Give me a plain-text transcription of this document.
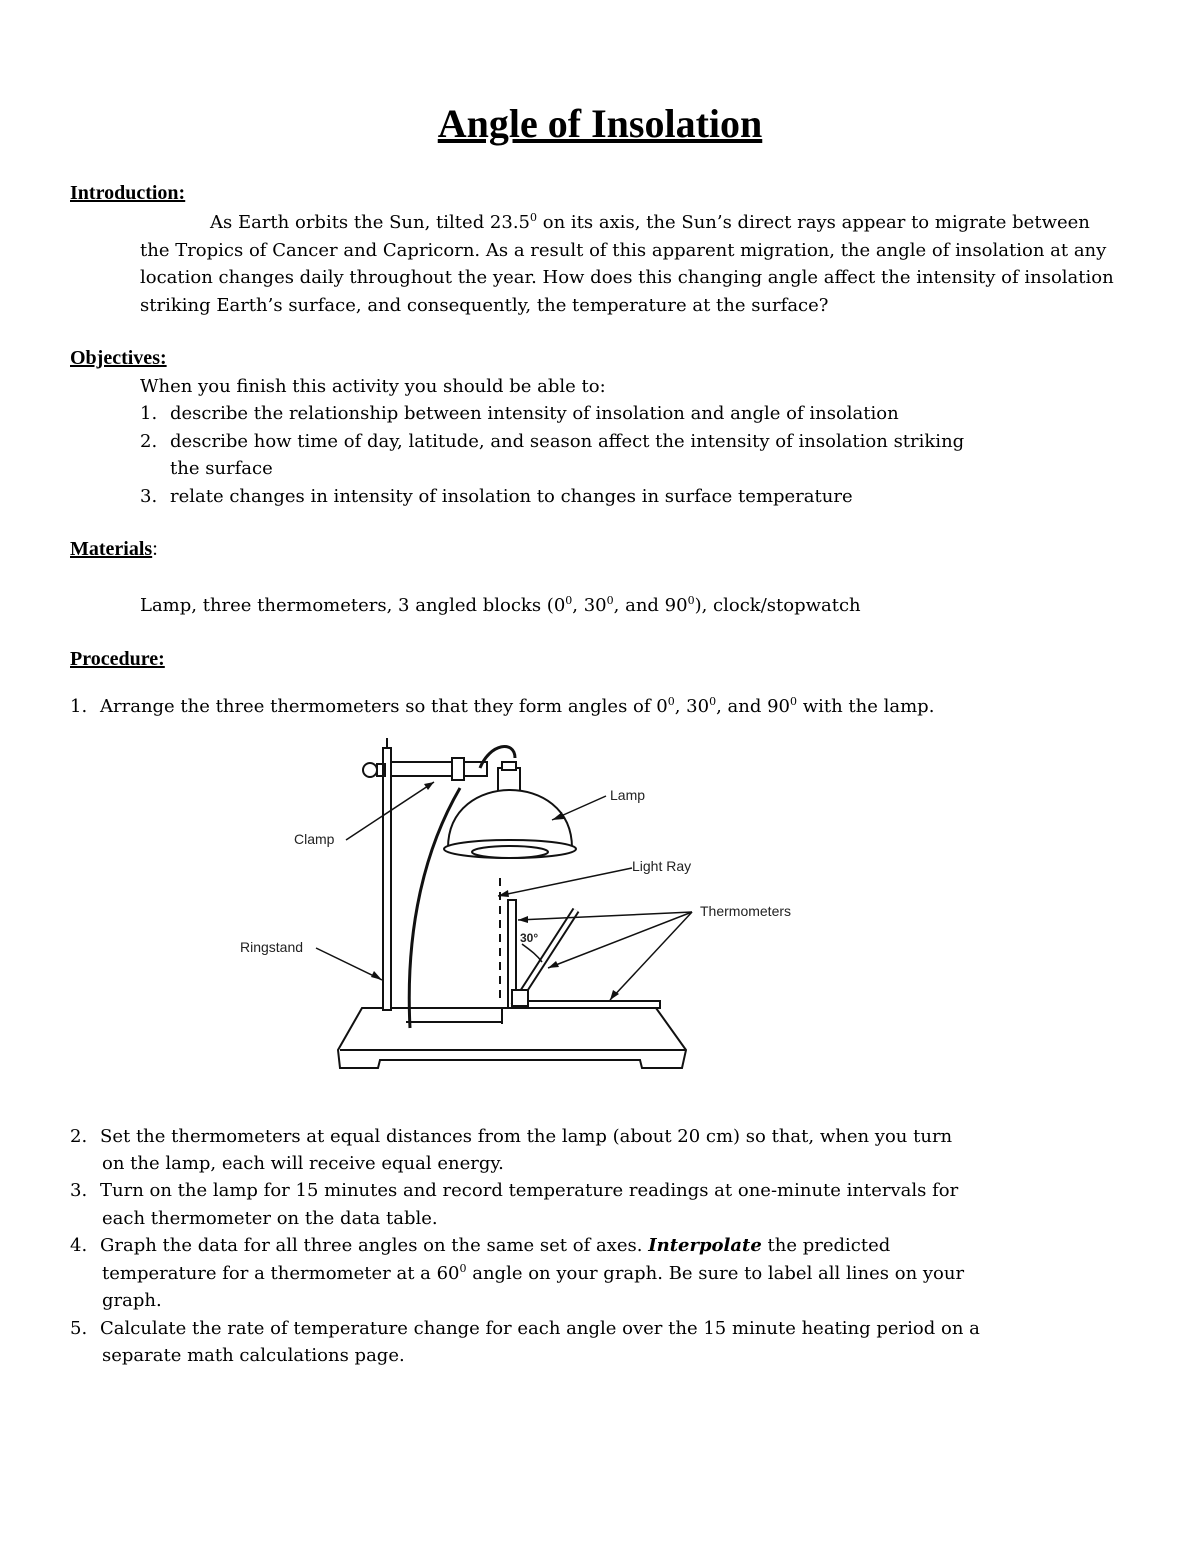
Angle of Insolation
Introduction:
As Earth orbits the Sun, tilted 23.5$^0$ on its axis, the Sun’s direct rays appear to migrate between the Tropics of Cancer and Capricorn. As a result of this apparent migration, the angle of insolation at any location changes daily throughout the year. How does this changing angle affect the intensity of insolation striking Earth’s surface, and consequently, the temperature at the surface?
Objectives:
When you finish this activity you should be able to:
1. describe the relationship between intensity of insolation and angle of insolation
2. describe how time of day, latitude, and season affect the intensity of insolation striking
the surface
3. relate changes in intensity of insolation to changes in surface temperature
Materials:
Lamp, three thermometers, 3 angled blocks ($0^0$, $30^0$, and $90^0$), clock/stopwatch
Procedure:
1. Arrange the three thermometers so that they form angles of $0^0$, $30^0$, and $90^0$ with the lamp.
Lamp
Clamp
Light Ray
Thermometers
Ringstand
30°
2. Set the thermometers at equal distances from the lamp (about 20 cm) so that, when you turn
on the lamp, each will receive equal energy.
3. Turn on the lamp for 15 minutes and record temperature readings at one-minute intervals for
each thermometer on the data table.
4. Graph the data for all three angles on the same set of axes. Interpolate the predicted
temperature for a thermometer at a $60^0$ angle on your graph. Be sure to label all lines on your
graph.
5. Calculate the rate of temperature change for each angle over the 15 minute heating period on a
separate math calculations page.
